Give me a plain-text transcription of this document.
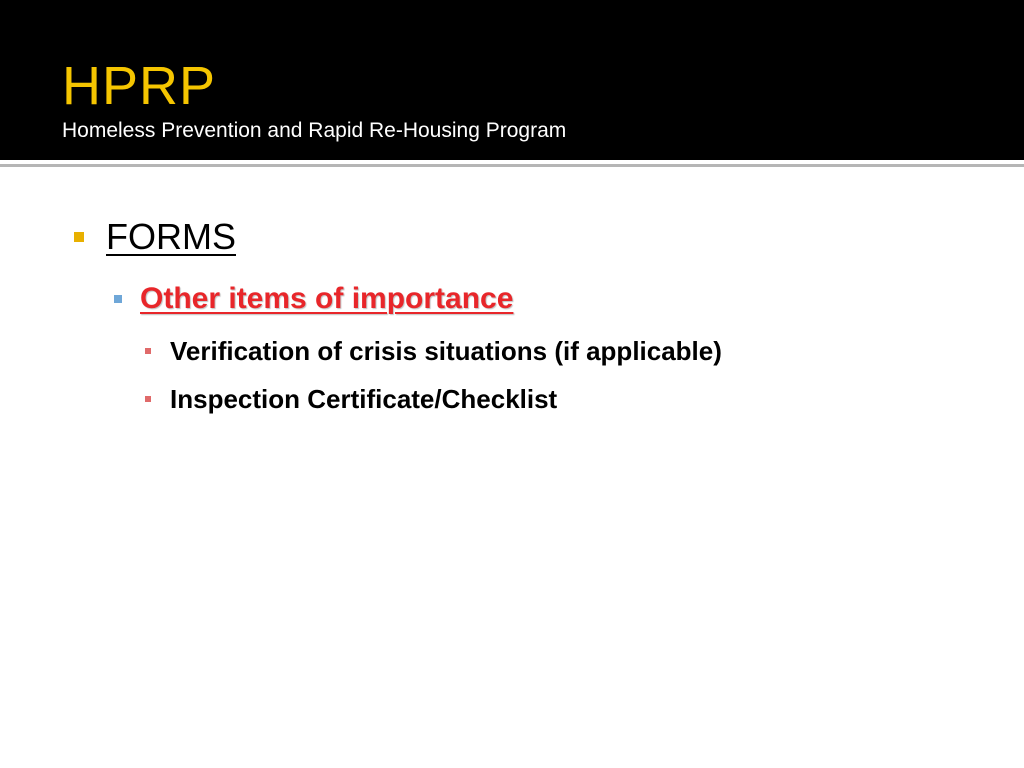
HPRP
Homeless Prevention and Rapid Re-Housing Program
FORMS
Other items of importance
Verification of crisis situations (if applicable)
Inspection Certificate/Checklist
